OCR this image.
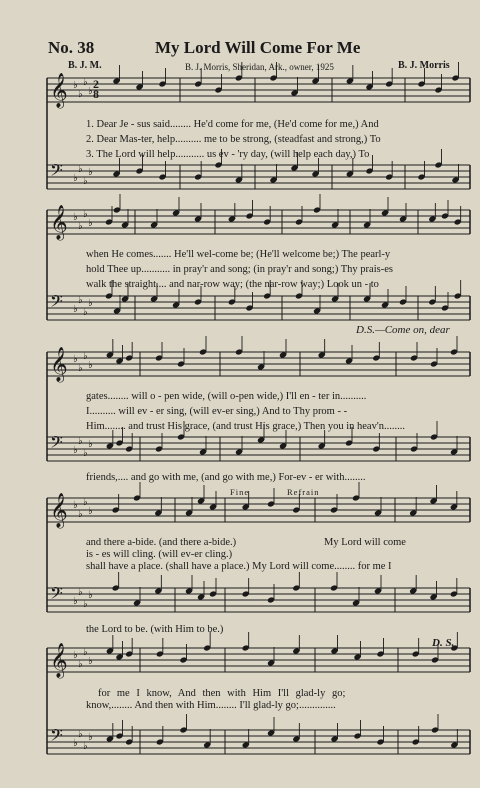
No. 38	My Lord Will Come For Me
B. J. M.	B. J. Morris, Sheridan, Ark., owner, 1925	B. J. Morris
𝄞 ♭
♭
♭
♭
𝄢 ♭
♭
♭
♭
𝄞 ♭
♭
♭
♭
𝄢 ♭
♭
♭
♭
𝄞 ♭
♭
♭
♭
𝄢 ♭
♭
♭
♭
𝄞 ♭
♭
♭
♭
𝄢 ♭
♭
♭
♭
𝄞 ♭
♭
♭
♭
𝄢 ♭
♭
♭
♭
2
8
1. Dear Je - sus said........ He'd come for me, (He'd come for me,) And
2. Dear Mas-ter, help.......... me to be strong, (steadfast and strong,) To
3. The Lord will help........... us ev - 'ry day, (will help each day,) To
when He comes....... He'll wel-come be; (He'll welcome be;) The pearl-y
hold Thee up........... in pray'r and song; (in pray'r and song;) Thy prais-es
walk the straight.... and nar-row way; (the nar-row way;) Look un - to
D.S.—Come on, dear
gates........ will o - pen wide, (will o-pen wide,) I'll en - ter in..........
I.......... will ev - er sing, (will ev-er sing,) And to Thy prom - -
Him........ and trust His grace, (and trust His grace,) Then you in heav'n........
friends,.... and go with me, (and go with me,) For-ev - er with........
Fine	Refrain
and there a-bide. (and there a-bide.)	My Lord will come
is - es will cling. (will ev-er cling.)
shall have a place. (shall have a place.) My Lord will come........ for me I
the Lord to be. (with Him to be.)
D. S.
for me I know, And then with Him I'll glad-ly go;
know,........ And then with Him........ I'll glad-ly go;..............
